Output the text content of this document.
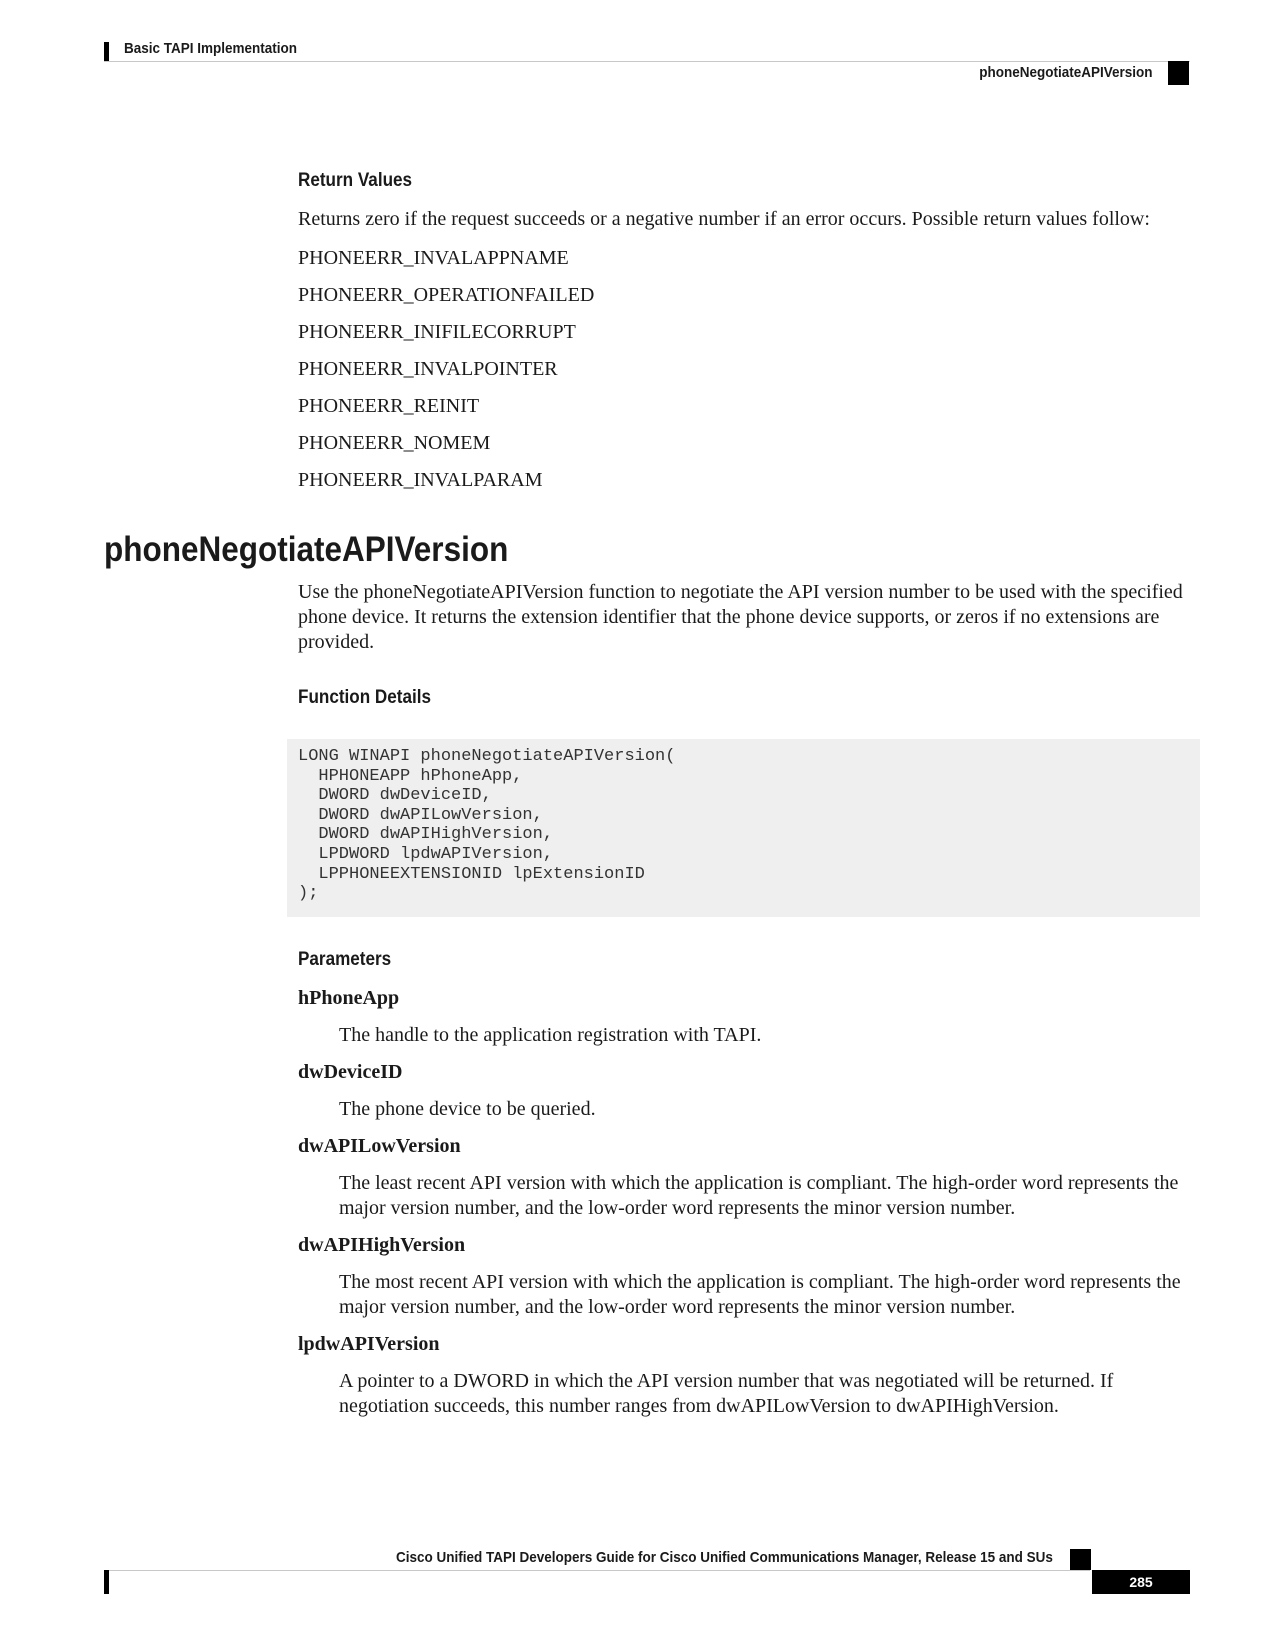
Basic TAPI Implementation
phoneNegotiateAPIVersion
Return Values

Returns zero if the request succeeds or a negative number if an error occurs. Possible return values follow:

PHONEERR_INVALAPPNAME
PHONEERR_OPERATIONFAILED
PHONEERR_INIFILECORRUPT
PHONEERR_INVALPOINTER
PHONEERR_REINIT
PHONEERR_NOMEM
PHONEERR_INVALPARAM
phoneNegotiateAPIVersion

Use the phoneNegotiateAPIVersion function to negotiate the API version number to be used with the specified phone device. It returns the extension identifier that the phone device supports, or zeros if no extensions are provided.

Function Details
LONG WINAPI phoneNegotiateAPIVersion(
HPHONEAPP hPhoneApp,
DWORD dwDeviceID,
DWORD dwAPILowVersion,
DWORD dwAPIHighVersion,
LPDWORD lpdwAPIVersion,
LPPHONEEXTENSIONID lpExtensionID
);
Parameters
hPhoneApp
The handle to the application registration with TAPI.
dwDeviceID
The phone device to be queried.
dwAPILowVersion
The least recent API version with which the application is compliant. The high-order word represents the major version number, and the low-order word represents the minor version number.
dwAPIHighVersion
The most recent API version with which the application is compliant. The high-order word represents the major version number, and the low-order word represents the minor version number.
lpdwAPIVersion
A pointer to a DWORD in which the API version number that was negotiated will be returned. If negotiation succeeds, this number ranges from dwAPILowVersion to dwAPIHighVersion.
Cisco Unified TAPI Developers Guide for Cisco Unified Communications Manager, Release 15 and SUs
285
